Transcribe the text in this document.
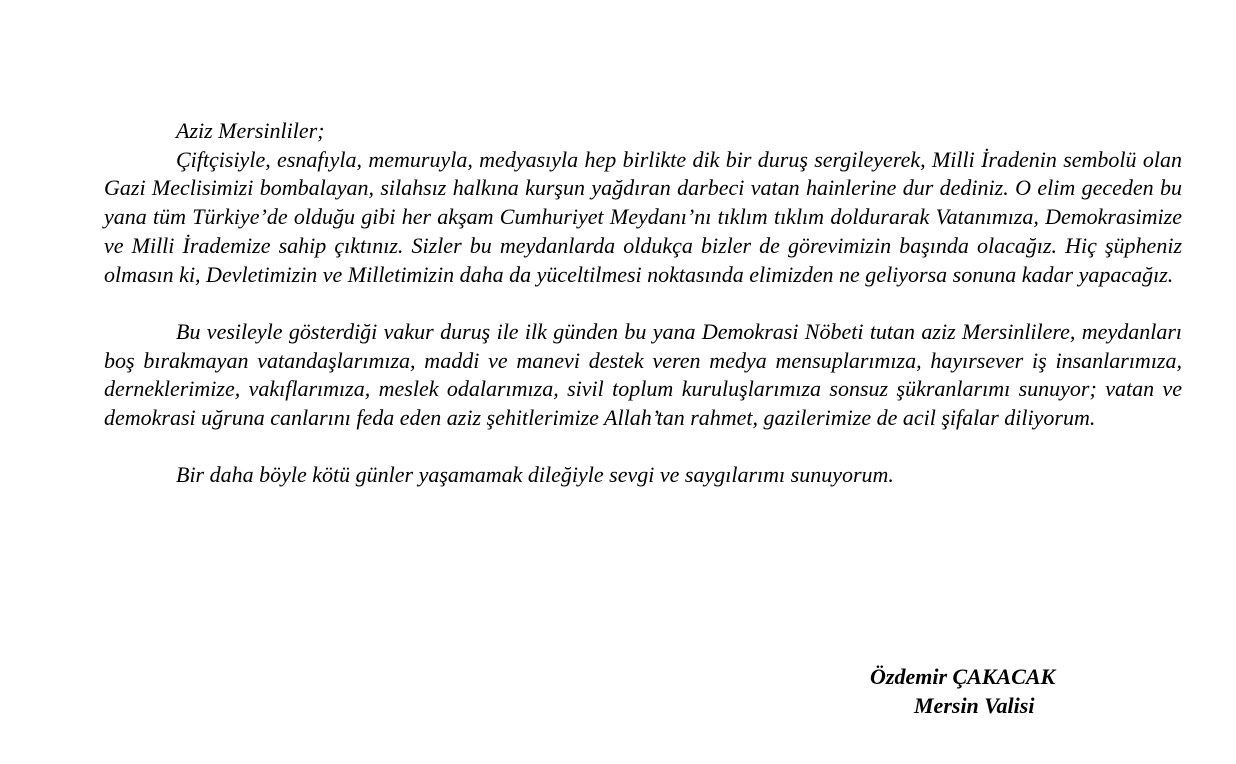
Aziz Mersinliler;

Çiftçisiyle, esnafıyla, memuruyla, medyasıyla hep birlikte dik bir duruş sergileyerek, Milli İradenin sembolü olan Gazi Meclisimizi bombalayan, silahsız halkına kurşun yağdıran darbeci vatan hainlerine dur dediniz. O elim geceden bu yana tüm Türkiye’de olduğu gibi her akşam Cumhuriyet Meydanı’nı tıklım tıklım doldurarak Vatanımıza, Demokrasimize ve Milli İrademize sahip çıktınız. Sizler bu meydanlarda oldukça bizler de görevimizin başında olacağız. Hiç şüpheniz olmasın ki, Devletimizin ve Milletimizin daha da yüceltilmesi noktasında elimizden ne geliyorsa sonuna kadar yapacağız.

Bu vesileyle gösterdiği vakur duruş ile ilk günden bu yana Demokrasi Nöbeti tutan aziz Mersinlilere, meydanları boş bırakmayan vatandaşlarımıza, maddi ve manevi destek veren medya mensuplarımıza, hayırsever iş insanlarımıza, derneklerimize, vakıflarımıza, meslek odalarımıza, sivil toplum kuruluşlarımıza sonsuz şükranlarımı sunuyor; vatan ve demokrasi uğruna canlarını feda eden aziz şehitlerimize Allah’tan rahmet, gazilerimize de acil şifalar diliyorum.

Bir daha böyle kötü günler yaşamamak dileğiyle sevgi ve saygılarımı sunuyorum.

Özdemir ÇAKACAK

Mersin Valisi
